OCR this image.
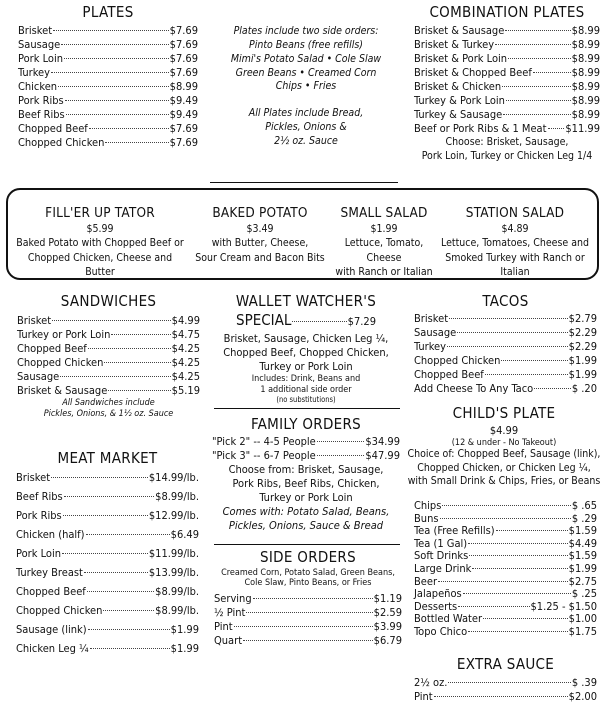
PLATES
Brisket	$7.69
Sausage	$7.69
Pork Loin	$7.69
Turkey	$7.69
Chicken	$8.99
Pork Ribs	$9.49
Beef Ribs	$9.49
Chopped Beef	$7.69
Chopped Chicken	$7.69
Plates include two side orders:
Pinto Beans (free refills)
Mimi's Potato Salad • Cole Slaw
Green Beans • Creamed Corn
Chips • Fries
All Plates include Bread,
Pickles, Onions &
2½ oz. Sauce
COMBINATION PLATES
Brisket & Sausage	$8.99
Brisket & Turkey	$8.99
Brisket & Pork Loin	$8.99
Brisket & Chopped Beef	$8.99
Brisket & Chicken	$8.99
Turkey & Pork Loin	$8.99
Turkey & Sausage	$8.99
Beef or Pork Ribs & 1 Meat $11.99
Choose: Brisket, Sausage,
Pork Loin, Turkey or Chicken Leg 1/4
FILL'ER UP TATOR
$5.99
Baked Potato with Chopped Beef or
Chopped Chicken, Cheese and Butter
BAKED POTATO
$3.49
with Butter, Cheese,
Sour Cream and Bacon Bits
SMALL SALAD
$1.99
Lettuce, Tomato, Cheese
with Ranch or Italian
STATION SALAD
$4.89
Lettuce, Tomatoes, Cheese and
Smoked Turkey with Ranch or Italian
SANDWICHES
Brisket	$4.99
Turkey or Pork Loin	$4.75
Chopped Beef	$4.25
Chopped Chicken	$4.25
Sausage	$4.25
Brisket & Sausage	$5.19
All Sandwiches include
Pickles, Onions, & 1½ oz. Sauce
WALLET WATCHER'S
SPECIAL	$7.29
Brisket, Sausage, Chicken Leg ¼,
Chopped Beef, Chopped Chicken,
Turkey or Pork Loin
Includes: Drink, Beans and
1 additional side order
(no substitutions)
TACOS
Brisket	$2.79
Sausage	$2.29
Turkey	$2.29
Chopped Chicken	$1.99
Chopped Beef	$1.99
Add Cheese To Any Taco	$ .20
MEAT MARKET
Brisket	$14.99/lb.
Beef Ribs	$8.99/lb.
Pork Ribs	$12.99/lb.
Chicken (half)	$6.49
Pork Loin	$11.99/lb.
Turkey Breast	$13.99/lb.
Chopped Beef	$8.99/lb.
Chopped Chicken	$8.99/lb.
Sausage (link)	$1.99
Chicken Leg ¼	$1.99
FAMILY ORDERS
"Pick 2" -- 4-5 People	$34.99
"Pick 3" -- 6-7 People	$47.99
Choose from: Brisket, Sausage,
Pork Ribs, Beef Ribs, Chicken,
Turkey or Pork Loin
Comes with: Potato Salad, Beans,
Pickles, Onions, Sauce & Bread
SIDE ORDERS
Creamed Corn, Potato Salad, Green Beans,
Cole Slaw, Pinto Beans, or Fries
Serving	$1.19
½ Pint	$2.59
Pint	$3.99
Quart	$6.79
CHILD'S PLATE
$4.99
(12 & under - No Takeout)
Choice of: Chopped Beef, Sausage (link),
Chopped Chicken, or Chicken Leg ¼,
with Small Drink & Chips, Fries, or Beans
Chips	$ .65
Buns	$ .29
Tea (Free Refills)	$1.59
Tea (1 Gal)	$4.49
Soft Drinks	$1.59
Large Drink	$1.99
Beer	$2.75
Jalapeños	$ .25
Desserts	$1.25 - $1.50
Bottled Water	$1.00
Topo Chico	$1.75
EXTRA SAUCE
2½ oz.	$ .39
Pint	$2.00
